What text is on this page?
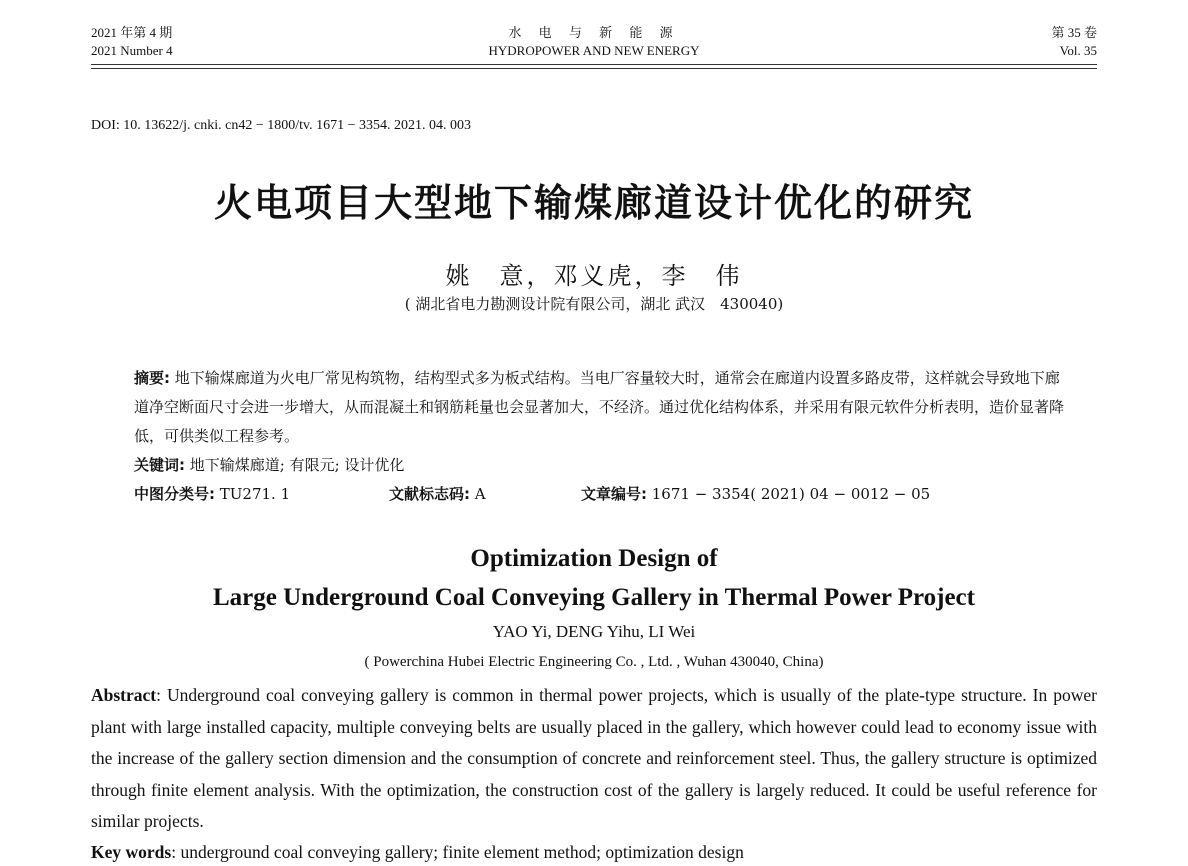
2021 年第 4 期
2021 Number 4
水 电 与 新 能 源
HYDROPOWER AND NEW ENERGY
第 35 卷
Vol. 35
DOI: 10. 13622/j. cnki. cn42 − 1800/tv. 1671 − 3354. 2021. 04. 003
火电项目大型地下输煤廊道设计优化的研究
姚　意，邓义虎，李　伟
( 湖北省电力勘测设计院有限公司，湖北 武汉　430040)
摘要: 地下输煤廊道为火电厂常见构筑物，结构型式多为板式结构。当电厂容量较大时，通常会在廊道内设置多路皮带，这样就会导致地下廊道净空断面尺寸会进一步增大，从而混凝土和钢筋耗量也会显著加大，不经济。通过优化结构体系，并采用有限元软件分析表明，造价显著降低，可供类似工程参考。
关键词: 地下输煤廊道; 有限元; 设计优化
中图分类号: TU271. 1	文献标志码: A	文章编号: 1671 − 3354( 2021) 04 − 0012 − 05
Optimization Design of
Large Underground Coal Conveying Gallery in Thermal Power Project
YAO Yi, DENG Yihu, LI Wei
( Powerchina Hubei Electric Engineering Co. , Ltd. , Wuhan 430040, China)
Abstract: Underground coal conveying gallery is common in thermal power projects, which is usually of the plate-type structure. In power plant with large installed capacity, multiple conveying belts are usually placed in the gallery, which however could lead to economy issue with the increase of the gallery section dimension and the consumption of concrete and reinforcement steel. Thus, the gallery structure is optimized through finite element analysis. With the optimization, the construction cost of the gallery is largely reduced. It could be useful reference for similar projects.
Key words: underground coal conveying gallery; finite element method; optimization design
